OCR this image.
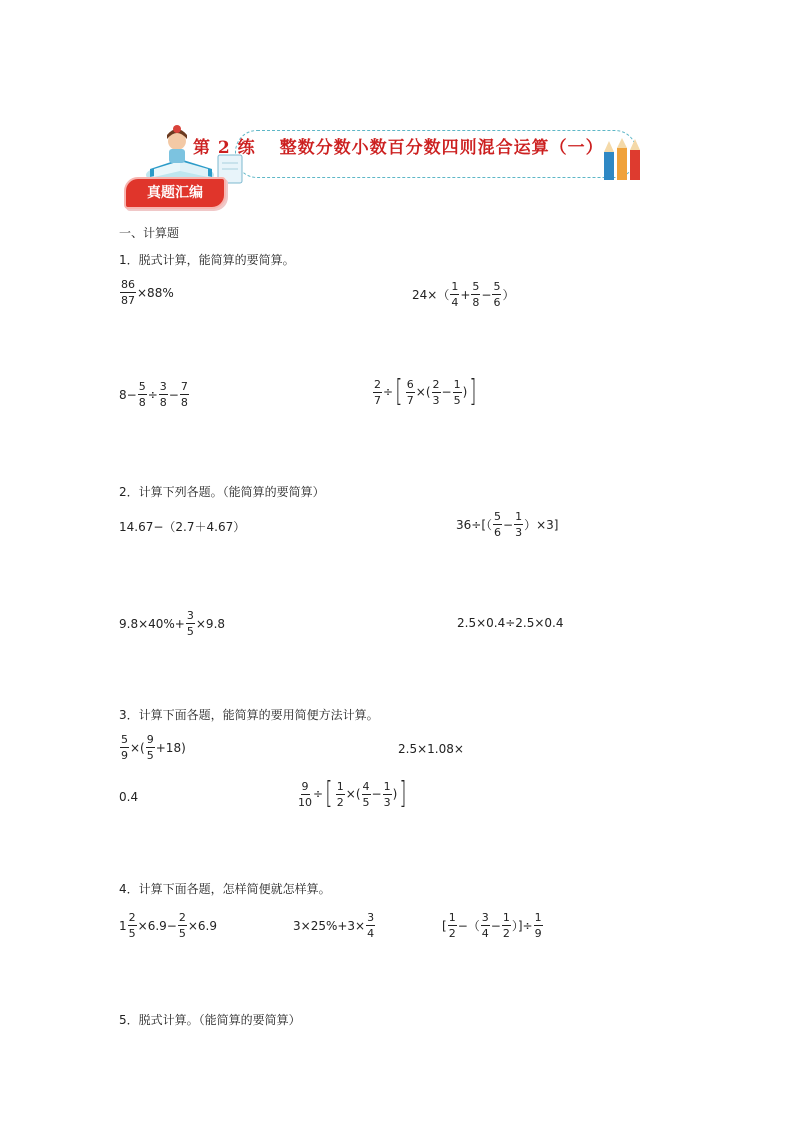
第 2 练 整数分数小数百分数四则混合运算（一）
真题汇编
一、计算题
1．脱式计算，能简算的要简算。
$\frac{86}{87} \times 88\%$	$24\times( \frac{1}{4} + \frac{5}{8} - \frac{5}{6}$ ）
$8- \frac{5}{8} \div \frac{3}{8} - \frac{7}{8}$	$\frac{2}{7}$ ÷ [ $\frac{6}{7}$ ×( $\frac{2}{3} - \frac{1}{5}$ ) ]
2．计算下列各题。（能简算的要简算）
14.67−（2.7＋4.67）	$36\div[( \frac{5}{6} - \frac{1}{3} )\times 3]$
$9.8\times 40\%+ \frac{3}{5} \times 9.8$	2.5×0.4÷2.5×0.4
3．计算下面各题，能简算的要用简便方法计算。
$\frac{5}{9}$ ×( $\frac{9}{5} +18$)	2.5×1.08×
0.4	$\frac{9}{10}$ ÷ [ $\frac{1}{2}$ ×( $\frac{4}{5} - \frac{1}{3}$ ) ]
4．计算下面各题，怎样简便就怎样算。
$1 \frac{2}{5} \times 6.9- \frac{2}{5} \times 6.9$	$3\times 25\%+3\times \frac{3}{4}$	[ $\frac{1}{2}$ −（ $\frac{3}{4} - \frac{1}{2}$ ）]÷ $\frac{1}{9}$
5．脱式计算。（能简算的要简算）
